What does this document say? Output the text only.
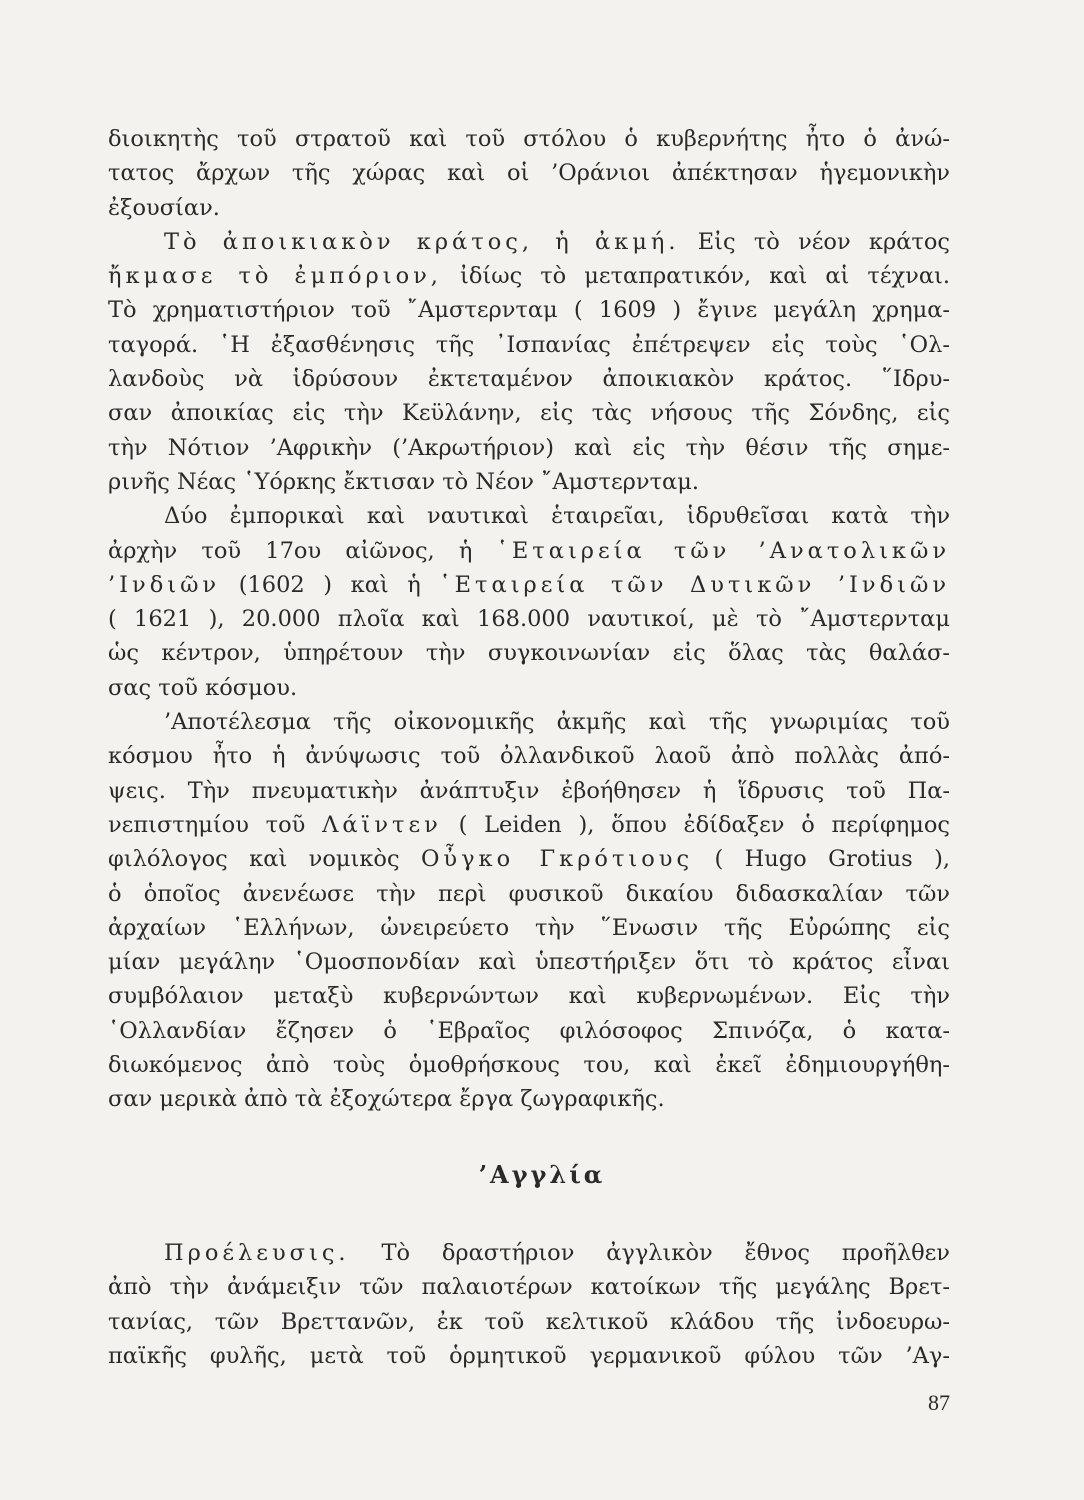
διοικητὴς τοῦ στρατοῦ καὶ τοῦ στόλου ὁ κυβερνήτης ἦτο ὁ ἀνώ-
τατος ἄρχων τῆς χώρας καὶ οἱ ’Οράνιοι ἀπέκτησαν ἡγεμονικὴν
ἐξουσίαν.
Τὸ ἀποικιακὸν κράτος, ἡ ἀκμή. Εἰς τὸ νέον κράτος
ἤκμασε τὸ ἐμπόριον, ἰδίως τὸ μεταπρατικόν, καὶ αἱ τέχναι.
Τὸ χρηματιστήριον τοῦ ῎Αμστερνταμ ( 1609 ) ἔγινε μεγάλη χρημα-
ταγορά. ῾Η ἐξασθένησις τῆς ᾿Ισπανίας ἐπέτρεψεν εἰς τοὺς ῾Ολ-
λανδοὺς νὰ ἱδρύσουν ἐκτεταμένον ἀποικιακὸν κράτος. ῞Ιδρυ-
σαν ἀποικίας εἰς τὴν Κεϋλάνην, εἰς τὰς νήσους τῆς Σόνδης, εἰς
τὴν Νότιον ’Αφρικὴν (’Ακρωτήριον) καὶ εἰς τὴν θέσιν τῆς σημε-
ρινῆς Νέας ῾Υόρκης ἔκτισαν τὸ Νέον ῎Αμστερνταμ.
Δύο ἐμπορικαὶ καὶ ναυτικαὶ ἑταιρεῖαι, ἱδρυθεῖσαι κατὰ τὴν
ἀρχὴν τοῦ 17ου αἰῶνος, ἡ ῾Εταιρεία τῶν ’Ανατολικῶν
’Ινδιῶν (1602 ) καὶ ἡ ῾Εταιρεία τῶν Δυτικῶν ’Ινδιῶν
( 1621 ), 20.000 πλοῖα καὶ 168.000 ναυτικοί, μὲ τὸ ῎Αμστερνταμ
ὡς κέντρον, ὑπηρέτουν τὴν συγκοινωνίαν εἰς ὅλας τὰς θαλάσ-
σας τοῦ κόσμου.
’Αποτέλεσμα τῆς οἰκονομικῆς ἀκμῆς καὶ τῆς γνωριμίας τοῦ
κόσμου ἦτο ἡ ἀνύψωσις τοῦ ὀλλανδικοῦ λαοῦ ἀπὸ πολλὰς ἀπό-
ψεις. Τὴν πνευματικὴν ἀνάπτυξιν ἐβοήθησεν ἡ ἵδρυσις τοῦ Πα-
νεπιστημίου τοῦ Λάϊντεν ( Leiden ), ὅπου ἐδίδαξεν ὁ περίφημος
φιλόλογος καὶ νομικὸς Οὖγκο Γκρότιους ( Hugo Grotius ),
ὁ ὁποῖος ἀνενέωσε τὴν περὶ φυσικοῦ δικαίου διδασκαλίαν τῶν
ἀρχαίων ῾Ελλήνων, ὠνειρεύετο τὴν ῞Ενωσιν τῆς Εὐρώπης εἰς
μίαν μεγάλην ῾Ομοσπονδίαν καὶ ὑπεστήριξεν ὅτι τὸ κράτος εἶναι
συμβόλαιον μεταξὺ κυβερνώντων καὶ κυβερνωμένων. Εἰς τὴν
῾Ολλανδίαν ἔζησεν ὁ ῾Εβραῖος φιλόσοφος Σπινόζα, ὁ κατα-
διωκόμενος ἀπὸ τοὺς ὁμοθρήσκους του, καὶ ἐκεῖ ἐδημιουργήθη-
σαν μερικὰ ἀπὸ τὰ ἐξοχώτερα ἔργα ζωγραφικῆς.
’Αγγλία
Προέλευσις. Τὸ δραστήριον ἀγγλικὸν ἔθνος προῆλθεν
ἀπὸ τὴν ἀνάμειξιν τῶν παλαιοτέρων κατοίκων τῆς μεγάλης Βρετ-
τανίας, τῶν Βρεττανῶν, ἐκ τοῦ κελτικοῦ κλάδου τῆς ἰνδοευρω-
παϊκῆς φυλῆς, μετὰ τοῦ ὁρμητικοῦ γερμανικοῦ φύλου τῶν ’Αγ-
87
